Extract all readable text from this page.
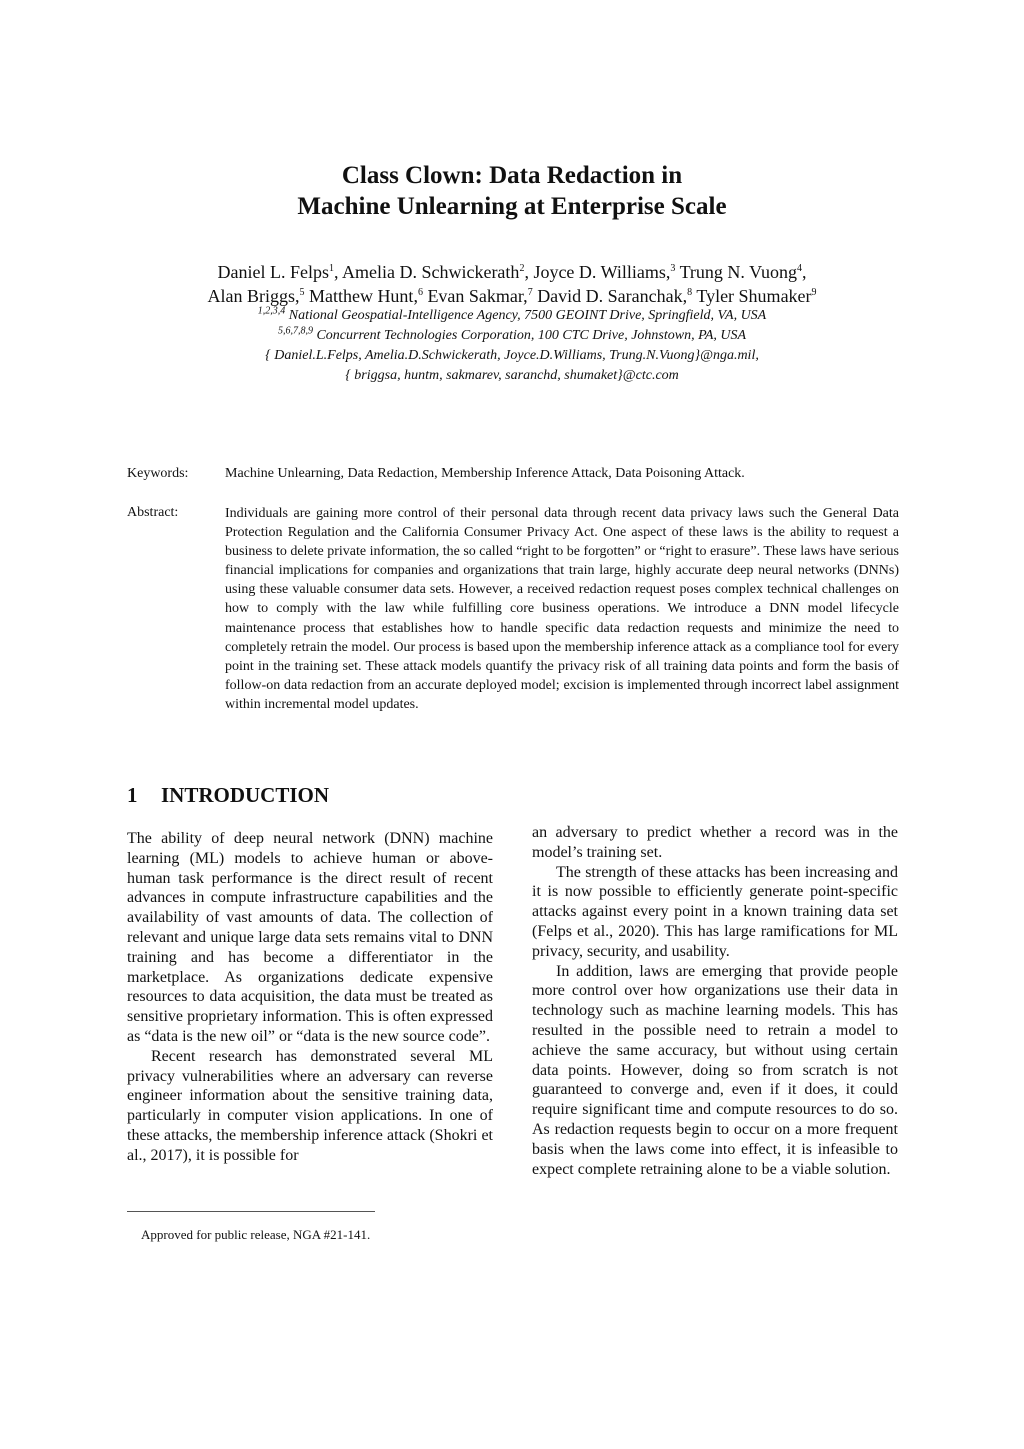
Class Clown: Data Redaction in
Machine Unlearning at Enterprise Scale
Daniel L. Felps$^1$, Amelia D. Schwickerath$^2$, Joyce D. Williams,$^3$ Trung N. Vuong$^4$,
Alan Briggs,$^5$ Matthew Hunt,$^6$ Evan Sakmar,$^7$ David D. Saranchak,$^8$ Tyler Shumaker$^9$
$^{1,2,3,4}$ National Geospatial-Intelligence Agency, 7500 GEOINT Drive, Springfield, VA, USA
$^{5,6,7,8,9}$ Concurrent Technologies Corporation, 100 CTC Drive, Johnstown, PA, USA
{ Daniel.L.Felps, Amelia.D.Schwickerath, Joyce.D.Williams, Trung.N.Vuong}@nga.mil,
{ briggsa, huntm, sakmarev, saranchd, shumaket}@ctc.com
Keywords:	Machine Unlearning, Data Redaction, Membership Inference Attack, Data Poisoning Attack.
Abstract:	Individuals are gaining more control of their personal data through recent data privacy laws such the General Data Protection Regulation and the California Consumer Privacy Act. One aspect of these laws is the ability to request a business to delete private information, the so called “right to be forgotten” or “right to erasure”. These laws have serious financial implications for companies and organizations that train large, highly accurate deep neural networks (DNNs) using these valuable consumer data sets. However, a received redaction request poses complex technical challenges on how to comply with the law while fulfilling core business operations. We introduce a DNN model lifecycle maintenance process that establishes how to handle specific data redaction requests and minimize the need to completely retrain the model. Our process is based upon the membership inference attack as a compliance tool for every point in the training set. These attack models quantify the privacy risk of all training data points and form the basis of follow-on data redaction from an accurate deployed model; excision is implemented through incorrect label assignment within incremental model updates.
1 INTRODUCTION

The ability of deep neural network (DNN) machine learning (ML) models to achieve human or above-human task performance is the direct result of recent advances in compute infrastructure capabilities and the availability of vast amounts of data. The collection of relevant and unique large data sets remains vital to DNN training and has become a differentiator in the marketplace. As organizations dedicate expensive resources to data acquisition, the data must be treated as sensitive proprietary information. This is often expressed as “data is the new oil” or “data is the new source code”.

Recent research has demonstrated several ML privacy vulnerabilities where an adversary can reverse engineer information about the sensitive training data, particularly in computer vision applications. In one of these attacks, the membership inference attack (Shokri et al., 2017), it is possible for

an adversary to predict whether a record was in the model’s training set.

The strength of these attacks has been increasing and it is now possible to efficiently generate point-specific attacks against every point in a known training data set (Felps et al., 2020). This has large ramifications for ML privacy, security, and usability.

In addition, laws are emerging that provide people more control over how organizations use their data in technology such as machine learning models. This has resulted in the possible need to retrain a model to achieve the same accuracy, but without using certain data points. However, doing so from scratch is not guaranteed to converge and, even if it does, it could require significant time and compute resources to do so. As redaction requests begin to occur on a more frequent basis when the laws come into effect, it is infeasible to expect complete retraining alone to be a viable solution.

Approved for public release, NGA #21-141.
